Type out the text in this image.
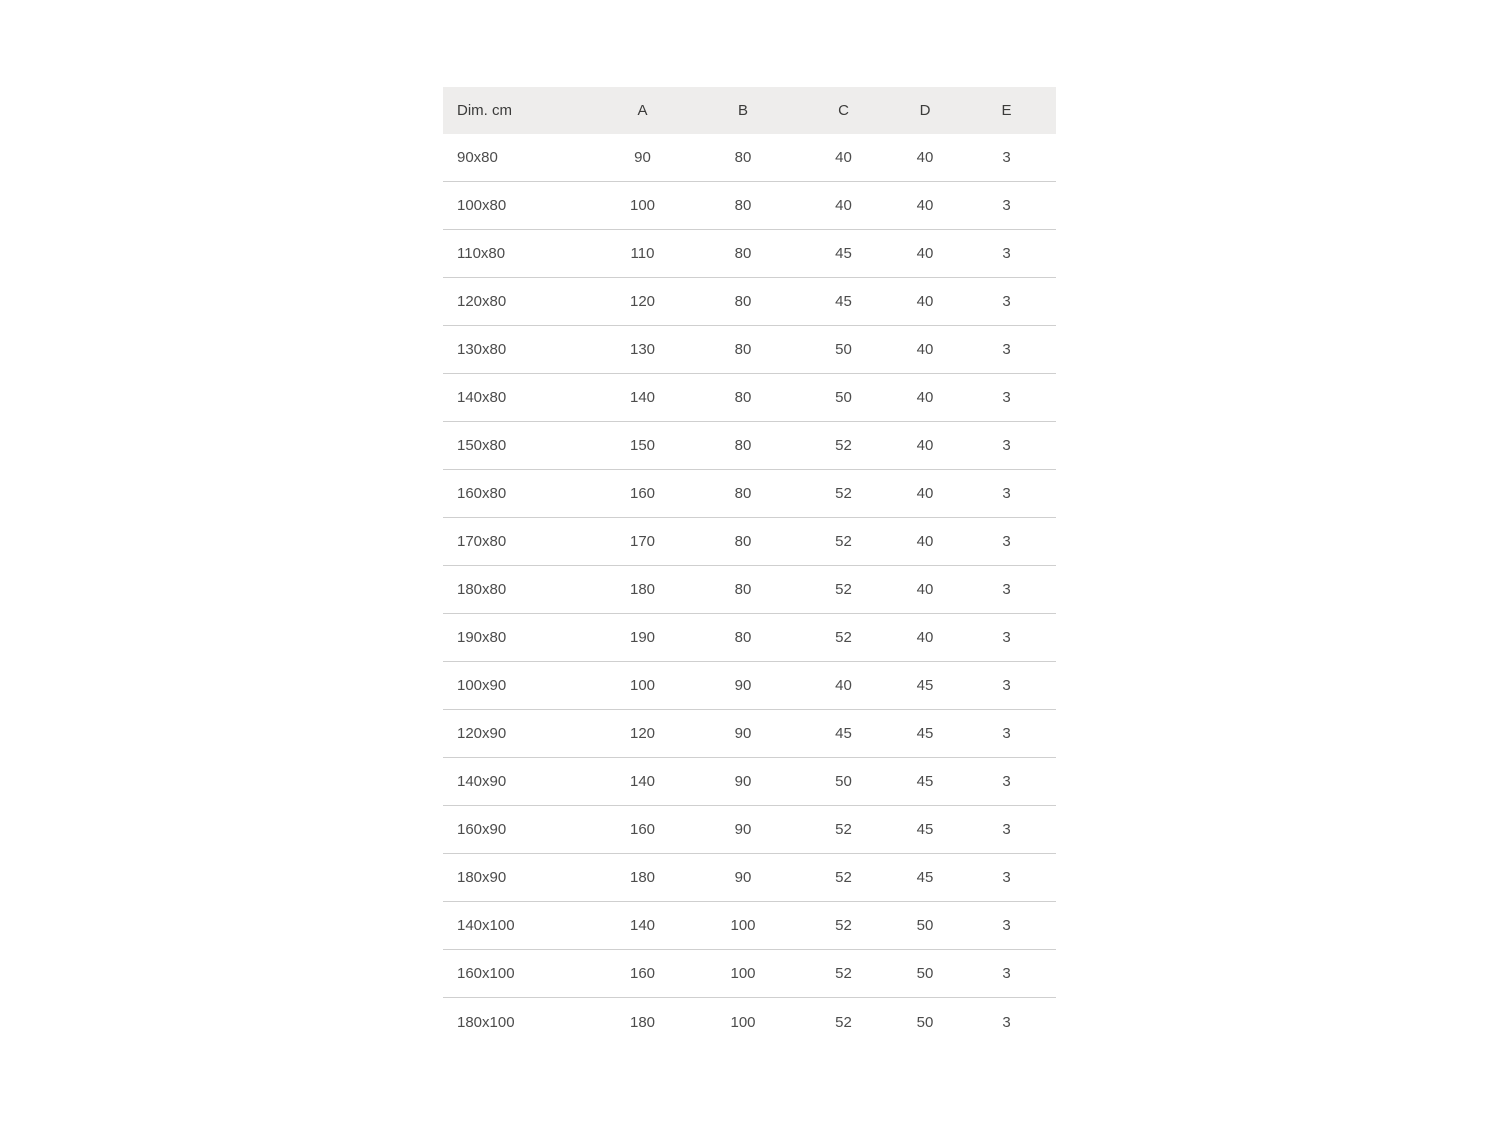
Dim. cm	A	B	C	D	E
90x80	90	80	40	40	3
100x80	100	80	40	40	3
110x80	110	80	45	40	3
120x80	120	80	45	40	3
130x80	130	80	50	40	3
140x80	140	80	50	40	3
150x80	150	80	52	40	3
160x80	160	80	52	40	3
170x80	170	80	52	40	3
180x80	180	80	52	40	3
190x80	190	80	52	40	3
100x90	100	90	40	45	3
120x90	120	90	45	45	3
140x90	140	90	50	45	3
160x90	160	90	52	45	3
180x90	180	90	52	45	3
140x100	140	100	52	50	3
160x100	160	100	52	50	3
180x100	180	100	52	50	3
